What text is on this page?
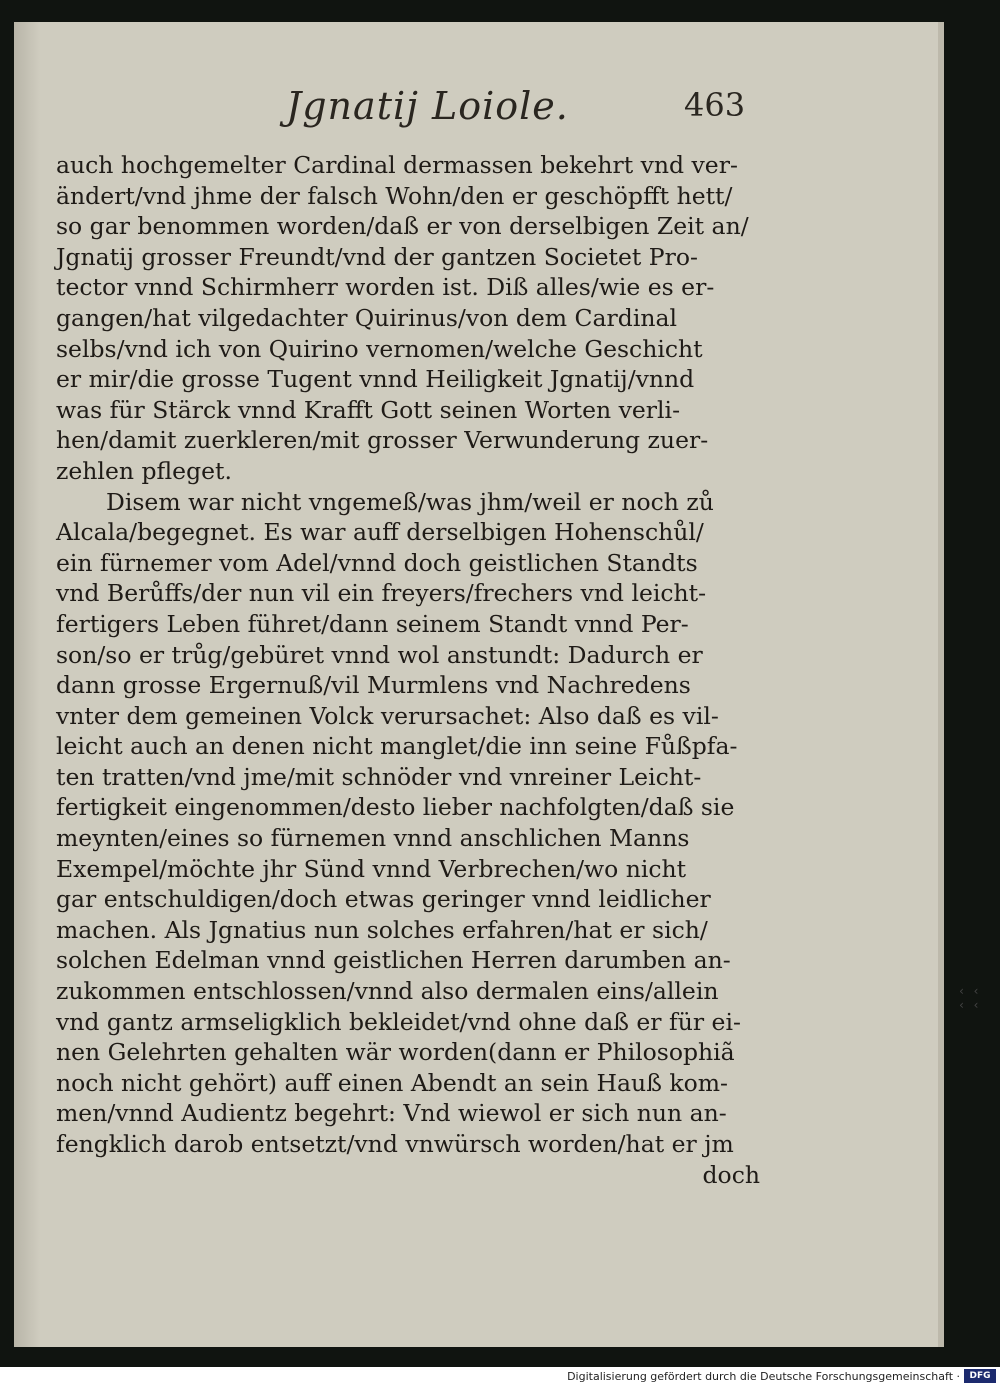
Jgnatij Loiole.	463
auch hochgemelter Cardinal dermassen bekehrt vnd ver-
ändert/vnd jhme der falsch Wohn/den er geschöpfft hett/
so gar benommen worden/daß er von derselbigen Zeit an/
Jgnatij grosser Freundt/vnd der gantzen Societet Pro-
tector vnnd Schirmherr worden ist. Diß alles/wie es er-
gangen/hat vilgedachter Quirinus/von dem Cardinal
selbs/vnd ich von Quirino vernomen/welche Geschicht
er mir/die grosse Tugent vnnd Heiligkeit Jgnatij/vnnd
was für Stärck vnnd Krafft Gott seinen Worten verli-
hen/damit zuerkleren/mit grosser Verwunderung zuer-
zehlen pfleget.
Disem war nicht vngemeß/was jhm/weil er noch zů
Alcala/begegnet. Es war auff derselbigen Hohenschůl/
ein fürnemer vom Adel/vnnd doch geistlichen Standts
vnd Berůffs/der nun vil ein freyers/frechers vnd leicht-
fertigers Leben führet/dann seinem Standt vnnd Per-
son/so er trůg/gebüret vnnd wol anstundt: Dadurch er
dann grosse Ergernuß/vil Murmlens vnd Nachredens
vnter dem gemeinen Volck verursachet: Also daß es vil-
leicht auch an denen nicht manglet/die inn seine Fůßpfa-
ten tratten/vnd jme/mit schnöder vnd vnreiner Leicht-
fertigkeit eingenommen/desto lieber nachfolgten/daß sie
meynten/eines so fürnemen vnnd anschlichen Manns
Exempel/möchte jhr Sünd vnnd Verbrechen/wo nicht
gar entschuldigen/doch etwas geringer vnnd leidlicher
machen. Als Jgnatius nun solches erfahren/hat er sich/
solchen Edelman vnnd geistlichen Herren darumben an-
zukommen entschlossen/vnnd also dermalen eins/allein
vnd gantz armseligklich bekleidet/vnd ohne daß er für ei-
nen Gelehrten gehalten wär worden(dann er Philosophiã
noch nicht gehört) auff einen Abendt an sein Hauß kom-
men/vnnd Audientz begehrt: Vnd wiewol er sich nun an-
fengklich darob entsetzt/vnd vnwürsch worden/hat er jm
doch
‹ ‹ ‹ ‹
Digitalisierung gefördert durch die Deutsche Forschungsgemeinschaft ·	DFG
